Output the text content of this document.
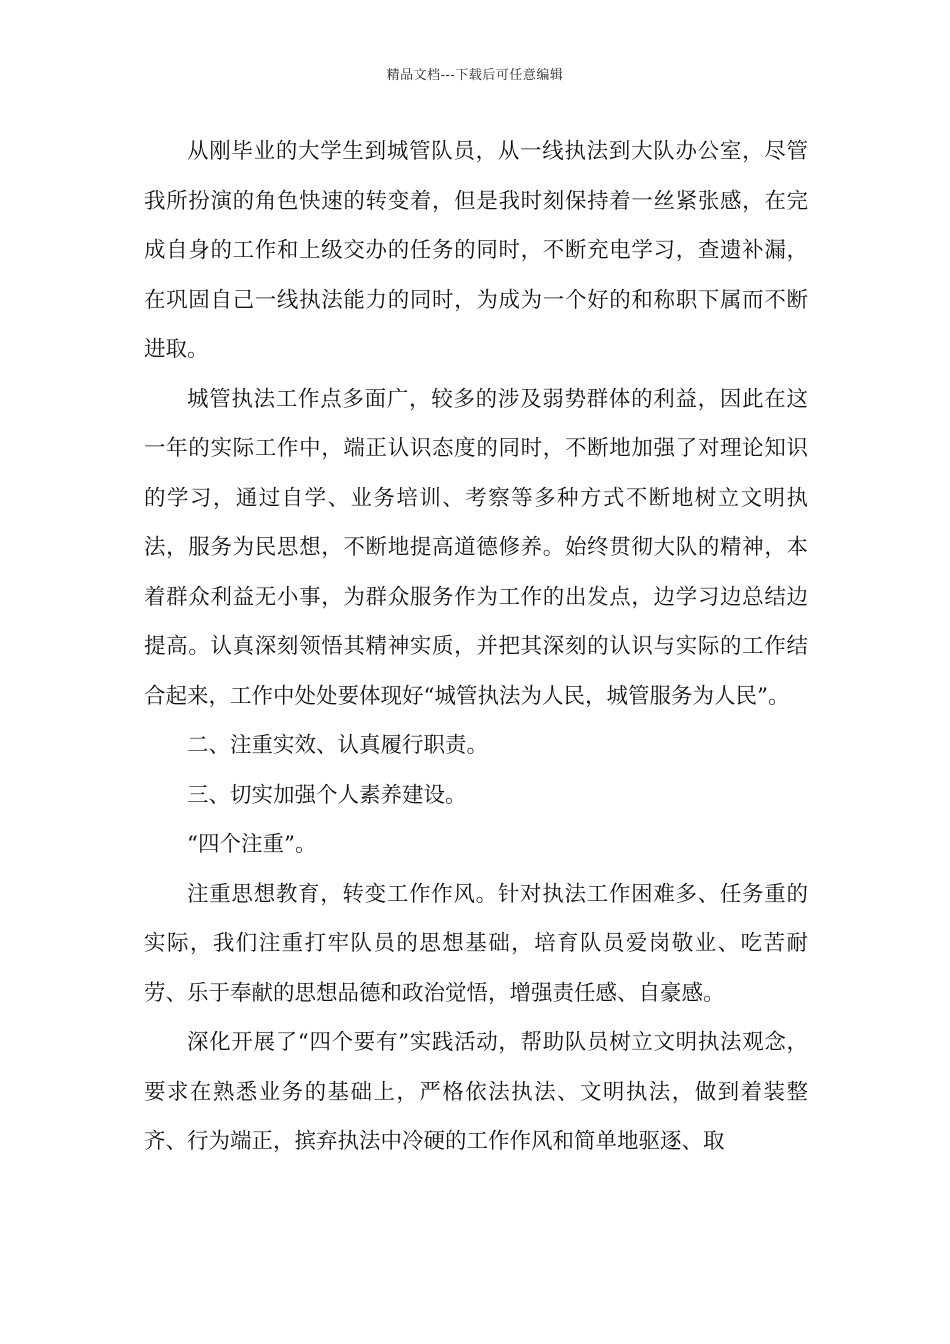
精品文档---下载后可任意编辑

从刚毕业的大学生到城管队员，从一线执法到大队办公室，尽管我所扮演的角色快速的转变着，但是我时刻保持着一丝紧张感，在完成自身的工作和上级交办的任务的同时，不断充电学习，查遗补漏，在巩固自己一线执法能力的同时，为成为一个好的和称职下属而不断进取。

城管执法工作点多面广，较多的涉及弱势群体的利益，因此在这一年的实际工作中，端正认识态度的同时，不断地加强了对理论知识的学习，通过自学、业务培训、考察等多种方式不断地树立文明执法，服务为民思想，不断地提高道德修养。始终贯彻大队的精神，本着群众利益无小事，为群众服务作为工作的出发点，边学习边总结边提高。认真深刻领悟其精神实质，并把其深刻的认识与实际的工作结合起来，工作中处处要体现好“城管执法为人民，城管服务为人民”。

二、注重实效、认真履行职责。

三、切实加强个人素养建设。

“四个注重”。

注重思想教育，转变工作作风。针对执法工作困难多、任务重的实际，我们注重打牢队员的思想基础，培育队员爱岗敬业、吃苦耐劳、乐于奉献的思想品德和政治觉悟，增强责任感、自豪感。

深化开展了“四个要有”实践活动，帮助队员树立文明执法观念，要求在熟悉业务的基础上，严格依法执法、文明执法，做到着装整齐、行为端正，摈弃执法中冷硬的工作作风和简单地驱逐、取
